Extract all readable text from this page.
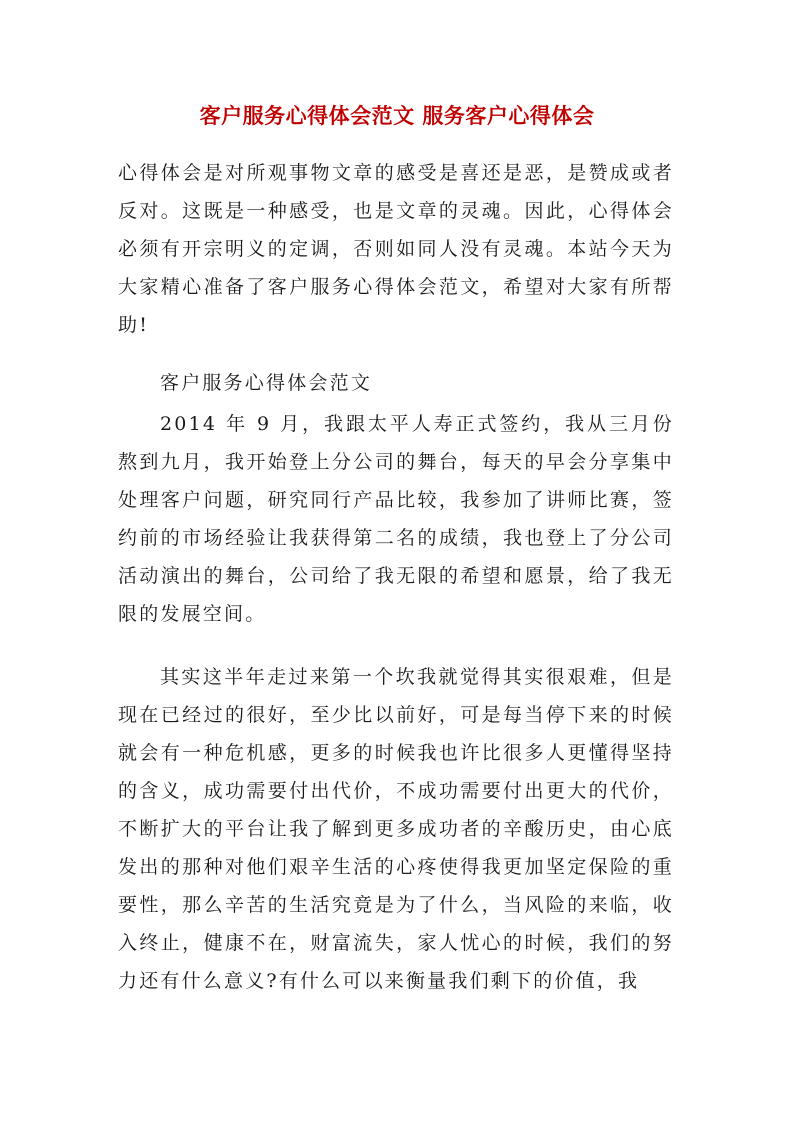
客户服务心得体会范文 服务客户心得体会

心得体会是对所观事物文章的感受是喜还是恶，是赞成或者反对。这既是一种感受，也是文章的灵魂。因此，心得体会必须有开宗明义的定调，否则如同人没有灵魂。本站今天为大家精心准备了客户服务心得体会范文，希望对大家有所帮助!

客户服务心得体会范文

2014 年 9 月，我跟太平人寿正式签约，我从三月份熬到九月，我开始登上分公司的舞台，每天的早会分享集中处理客户问题，研究同行产品比较，我参加了讲师比赛，签约前的市场经验让我获得第二名的成绩，我也登上了分公司活动演出的舞台，公司给了我无限的希望和愿景，给了我无限的发展空间。

其实这半年走过来第一个坎我就觉得其实很艰难，但是现在已经过的很好，至少比以前好，可是每当停下来的时候就会有一种危机感，更多的时候我也许比很多人更懂得坚持的含义，成功需要付出代价，不成功需要付出更大的代价，不断扩大的平台让我了解到更多成功者的辛酸历史，由心底发出的那种对他们艰辛生活的心疼使得我更加坚定保险的重要性，那么辛苦的生活究竟是为了什么，当风险的来临，收入终止，健康不在，财富流失，家人忧心的时候，我们的努力还有什么意义?有什么可以来衡量我们剩下的价值，我
